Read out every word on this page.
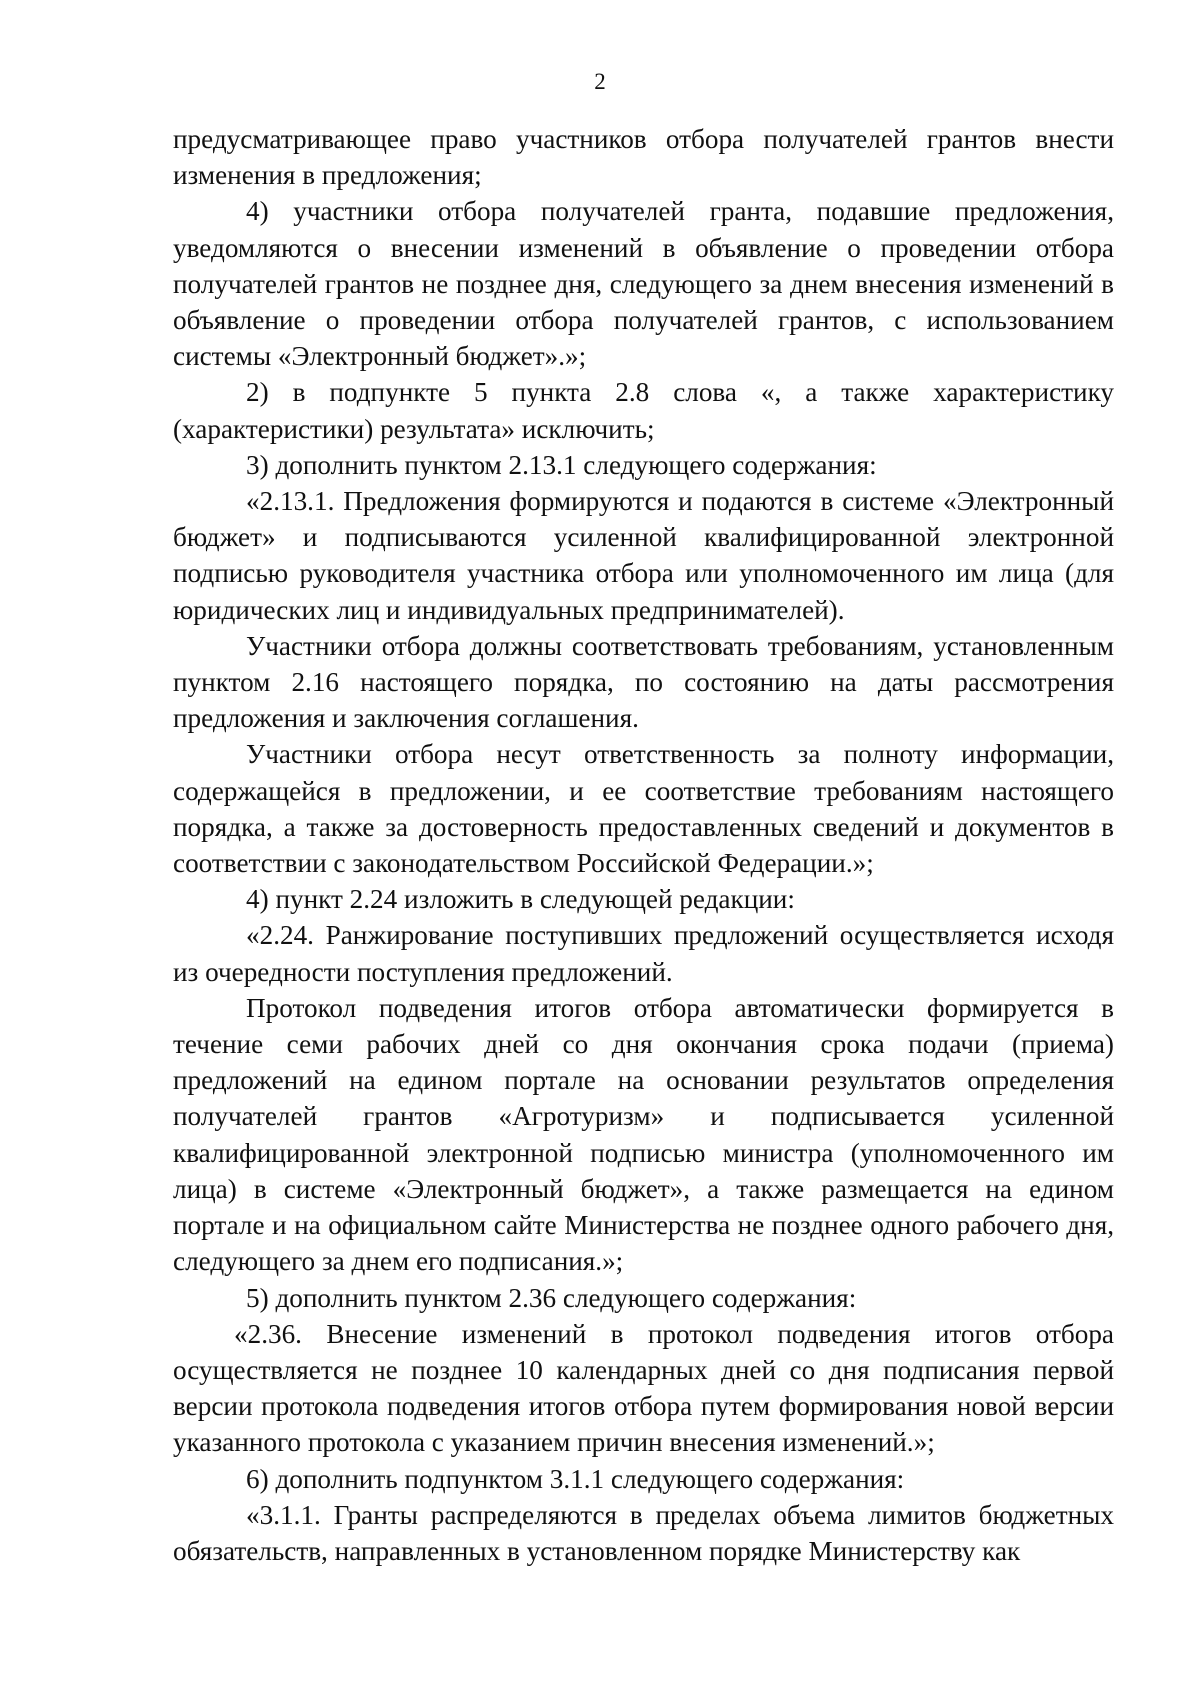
2

предусматривающее право участников отбора получателей грантов внести изменения в предложения;

4) участники отбора получателей гранта, подавшие предложения, уведомляются о внесении изменений в объявление о проведении отбора получателей грантов не позднее дня, следующего за днем внесения изменений в объявление о проведении отбора получателей грантов, с использованием системы «Электронный бюджет».»;

2) в подпункте 5 пункта 2.8 слова «, а также характеристику (характеристики) результата» исключить;

3) дополнить пунктом 2.13.1 следующего содержания:

«2.13.1. Предложения формируются и подаются в системе «Электронный бюджет» и подписываются усиленной квалифицированной электронной подписью руководителя участника отбора или уполномоченного им лица (для юридических лиц и индивидуальных предпринимателей).

Участники отбора должны соответствовать требованиям, установленным пунктом 2.16 настоящего порядка, по состоянию на даты рассмотрения предложения и заключения соглашения.

Участники отбора несут ответственность за полноту информации, содержащейся в предложении, и ее соответствие требованиям настоящего порядка, а также за достоверность предоставленных сведений и документов в соответствии с законодательством Российской Федерации.»;

4) пункт 2.24 изложить в следующей редакции:

«2.24. Ранжирование поступивших предложений осуществляется исходя из очередности поступления предложений.

Протокол подведения итогов отбора автоматически формируется в течение семи рабочих дней со дня окончания срока подачи (приема) предложений на едином портале на основании результатов определения получателей грантов «Агротуризм» и подписывается усиленной квалифицированной электронной подписью министра (уполномоченного им лица) в системе «Электронный бюджет», а также размещается на едином портале и на официальном сайте Министерства не позднее одного рабочего дня, следующего за днем его подписания.»;

5) дополнить пунктом 2.36 следующего содержания:

«2.36. Внесение изменений в протокол подведения итогов отбора осуществляется не позднее 10 календарных дней со дня подписания первой версии протокола подведения итогов отбора путем формирования новой версии указанного протокола с указанием причин внесения изменений.»;

6) дополнить подпунктом 3.1.1 следующего содержания:

«3.1.1. Гранты распределяются в пределах объема лимитов бюджетных обязательств, направленных в установленном порядке Министерству как
